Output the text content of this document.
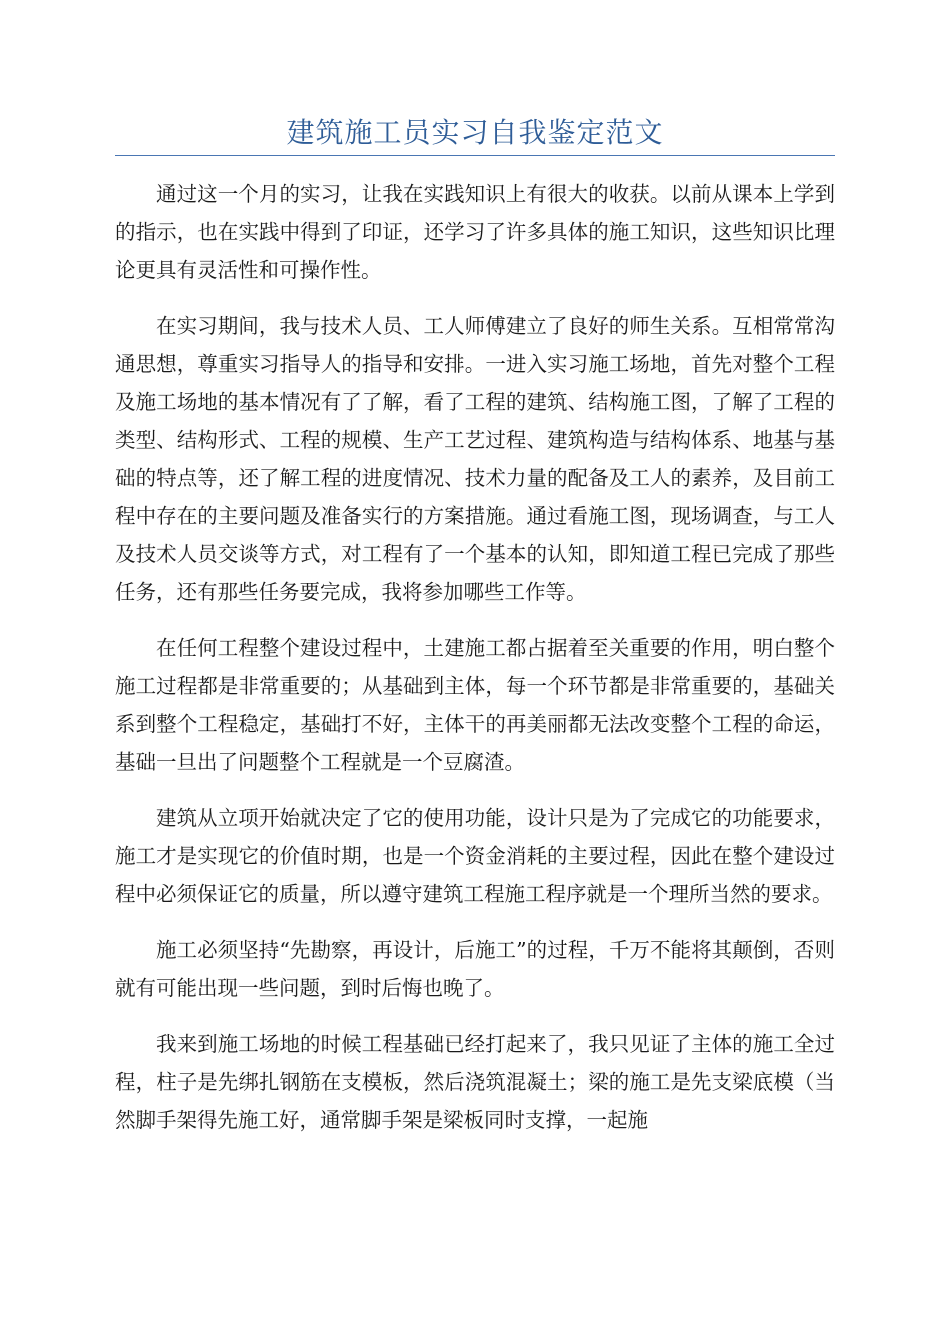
建筑施工员实习自我鉴定范文

通过这一个月的实习，让我在实践知识上有很大的收获。以前从课本上学到的指示，也在实践中得到了印证，还学习了许多具体的施工知识，这些知识比理论更具有灵活性和可操作性。

在实习期间，我与技术人员、工人师傅建立了良好的师生关系。互相常常沟通思想，尊重实习指导人的指导和安排。一进入实习施工场地，首先对整个工程及施工场地的基本情况有了了解，看了工程的建筑、结构施工图，了解了工程的类型、结构形式、工程的规模、生产工艺过程、建筑构造与结构体系、地基与基础的特点等，还了解工程的进度情况、技术力量的配备及工人的素养，及目前工程中存在的主要问题及准备实行的方案措施。通过看施工图，现场调查，与工人及技术人员交谈等方式，对工程有了一个基本的认知，即知道工程已完成了那些任务，还有那些任务要完成，我将参加哪些工作等。

在任何工程整个建设过程中，土建施工都占据着至关重要的作用，明白整个施工过程都是非常重要的；从基础到主体，每一个环节都是非常重要的，基础关系到整个工程稳定，基础打不好，主体干的再美丽都无法改变整个工程的命运，基础一旦出了问题整个工程就是一个豆腐渣。

建筑从立项开始就决定了它的使用功能，设计只是为了完成它的功能要求，施工才是实现它的价值时期，也是一个资金消耗的主要过程，因此在整个建设过程中必须保证它的质量，所以遵守建筑工程施工程序就是一个理所当然的要求。

施工必须坚持“先勘察，再设计，后施工”的过程，千万不能将其颠倒，否则就有可能出现一些问题，到时后悔也晚了。

我来到施工场地的时候工程基础已经打起来了，我只见证了主体的施工全过程，柱子是先绑扎钢筋在支模板，然后浇筑混凝土；梁的施工是先支梁底模（当然脚手架得先施工好，通常脚手架是梁板同时支撑，一起施
